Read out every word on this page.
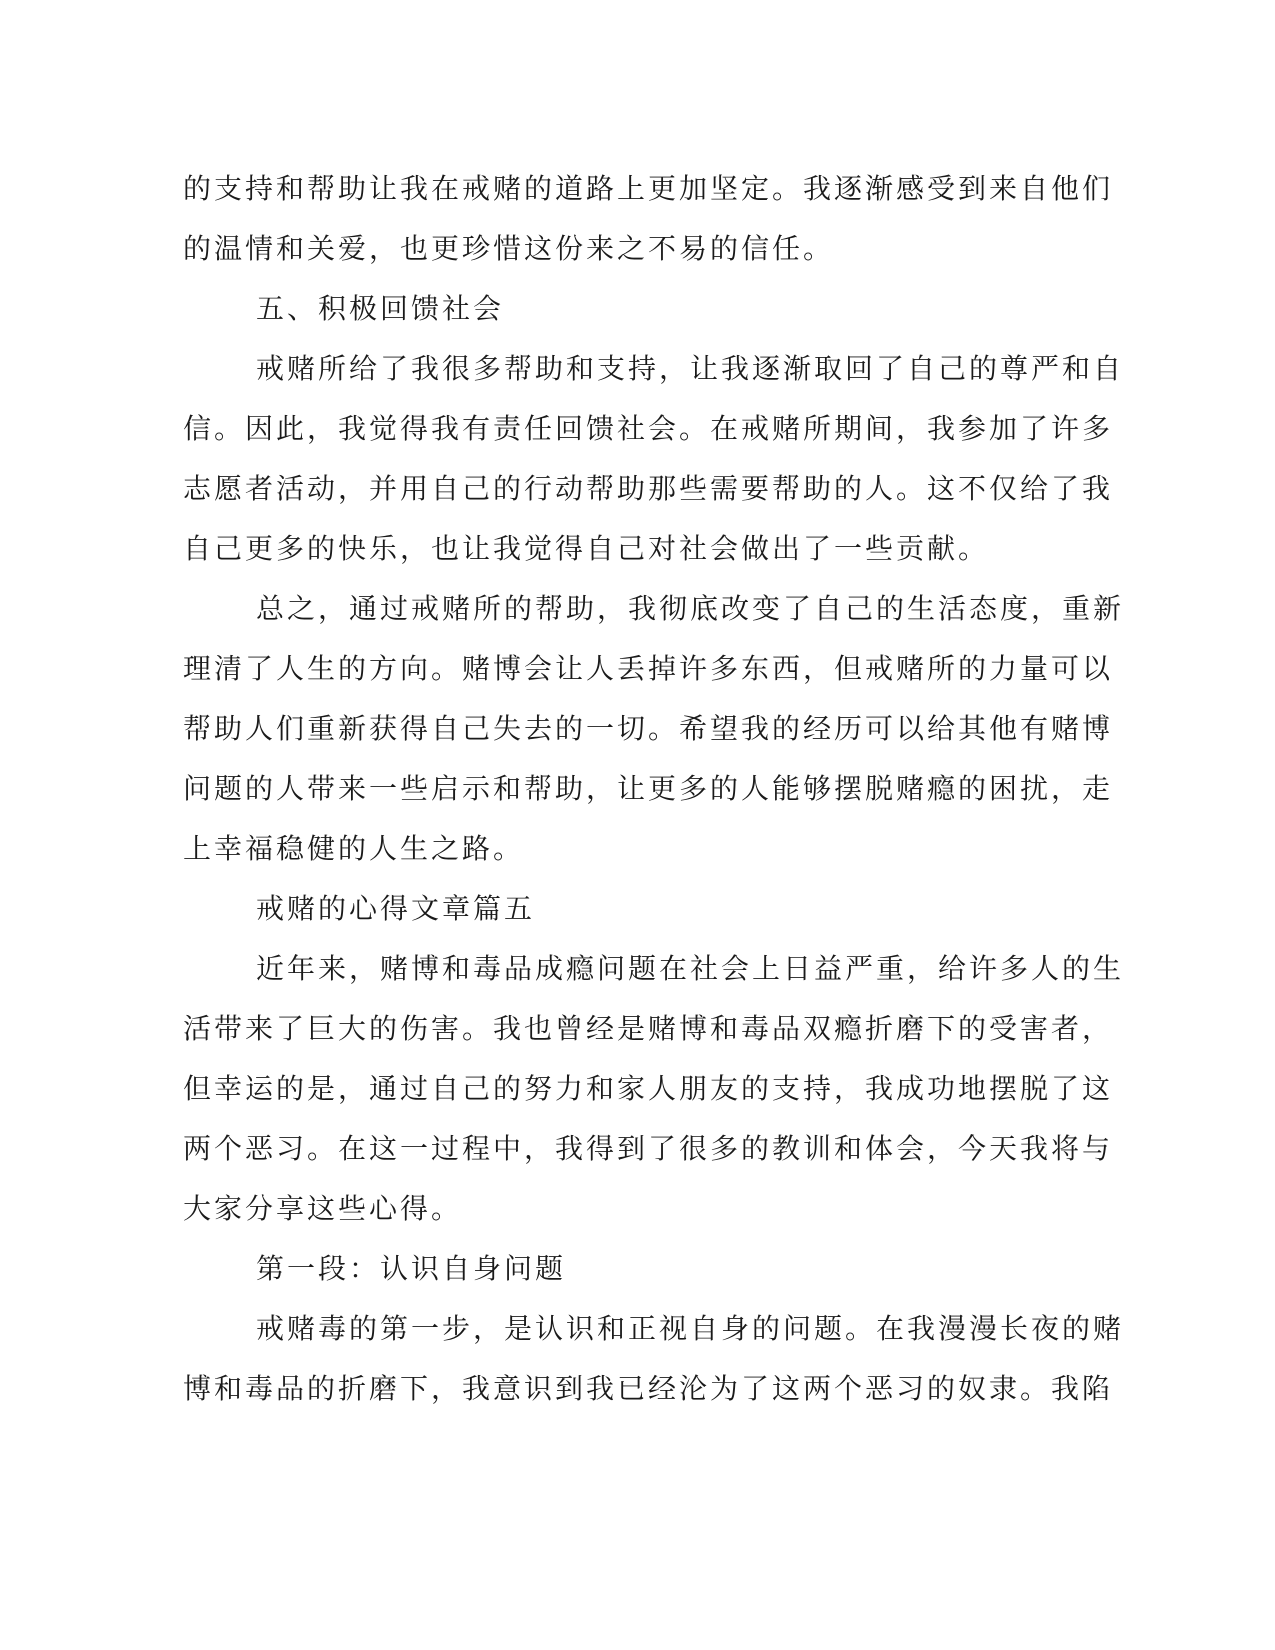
的支持和帮助让我在戒赌的道路上更加坚定。我逐渐感受到来自他们
的温情和关爱，也更珍惜这份来之不易的信任。
五、积极回馈社会
戒赌所给了我很多帮助和支持，让我逐渐取回了自己的尊严和自
信。因此，我觉得我有责任回馈社会。在戒赌所期间，我参加了许多
志愿者活动，并用自己的行动帮助那些需要帮助的人。这不仅给了我
自己更多的快乐，也让我觉得自己对社会做出了一些贡献。
总之，通过戒赌所的帮助，我彻底改变了自己的生活态度，重新
理清了人生的方向。赌博会让人丢掉许多东西，但戒赌所的力量可以
帮助人们重新获得自己失去的一切。希望我的经历可以给其他有赌博
问题的人带来一些启示和帮助，让更多的人能够摆脱赌瘾的困扰，走
上幸福稳健的人生之路。
戒赌的心得文章篇五
近年来，赌博和毒品成瘾问题在社会上日益严重，给许多人的生
活带来了巨大的伤害。我也曾经是赌博和毒品双瘾折磨下的受害者，
但幸运的是，通过自己的努力和家人朋友的支持，我成功地摆脱了这
两个恶习。在这一过程中，我得到了很多的教训和体会，今天我将与
大家分享这些心得。
第一段：认识自身问题
戒赌毒的第一步，是认识和正视自身的问题。在我漫漫长夜的赌
博和毒品的折磨下，我意识到我已经沦为了这两个恶习的奴隶。我陷
